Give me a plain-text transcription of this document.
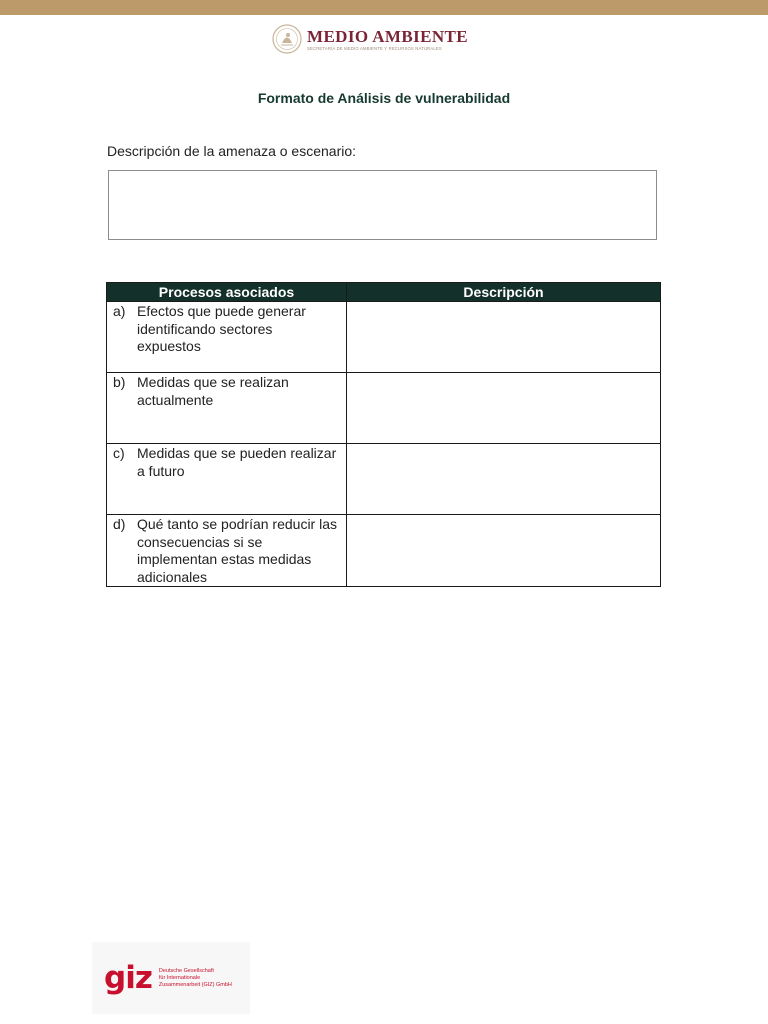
MEDIO AMBIENTE
SECRETARÍA DE MEDIO AMBIENTE Y RECURSOS NATURALES
Formato de Análisis de vulnerabilidad
Descripción de la amenaza o escenario:
Procesos asociados	Descripción

a) Efectos que puede generar identificando sectores expuestos	

b) Medidas que se realizan actualmente	

c) Medidas que se pueden realizar a futuro	

d) Qué tanto se podrían reducir las consecuencias si se implementan estas medidas adicionales	

giz Deutsche Gesellschaft
für Internationale
Zusammenarbeit (GIZ) GmbH
